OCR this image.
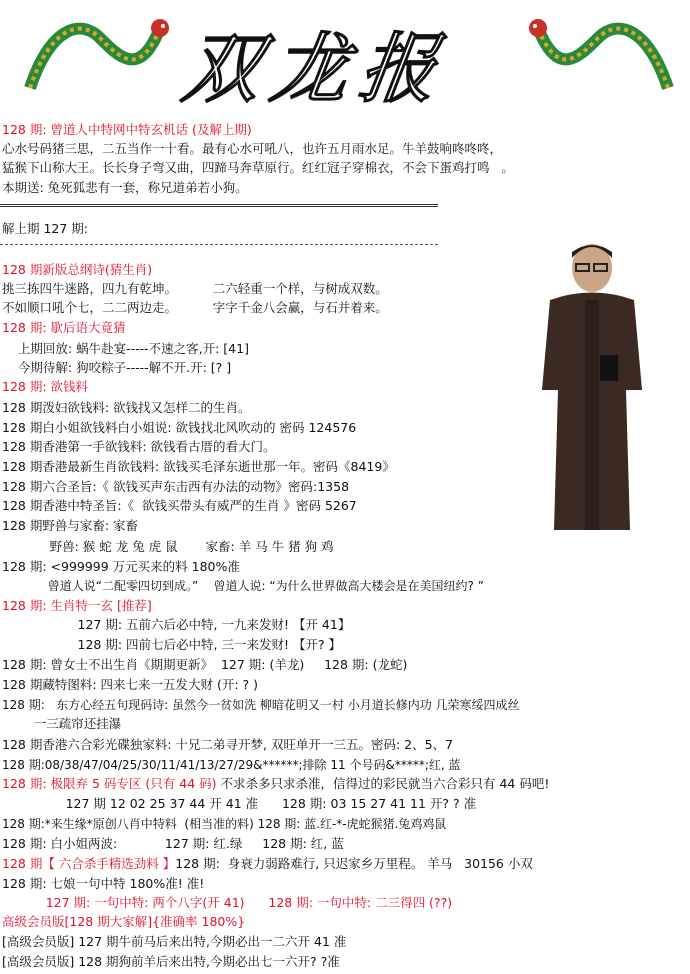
双龙报
128 期: 曾道人中特网中特玄机话 (及解上期)
心水号码猪三思，二五当作一十看。最有心水可吼八，也许五月雨水足。牛羊鼓响咚咚咚，
猛猴下山称大王。长长身子弯又曲，四蹄马奔草原行。红红冠子穿棉衣，不会下蛋鸡打鸣   。
本期送: 兔死狐悲有一套，称兄道弟若小狗。
解上期 127 期:
128 期新版总纲诗(猜生肖)
挑三拣四牛迷路，四九有乾坤。         二六轻重一个样，与树成双数。
不如顺口吼个七，二二两边走。         字字千金八会赢，与石并着来。
128 期: 歇后语大竟猜
上期回放: 蜗牛赴宴-----不速之客,开: [41]
今期待解: 狗咬粽子-----解不开.开: [? ]
128 期: 欲钱料
128 期泼妇欲钱料: 欲钱找又怎样二的生肖。
128 期白小姐欲钱料白小姐说: 欲钱找北风吹动的 密码 124576
128 期香港第一手欲钱料: 欲钱看古厝的看大门。
128 期香港最新生肖欲钱料: 欲钱买毛泽东逝世那一年。密码《8419》
128 期六合圣旨:《 欲钱买声东击西有办法的动物》密码:1358
128 期香港中特圣旨:《  欲钱买带头有威严的生肖 》密码 5267
128 期野兽与家畜: 家畜
野兽: 猴 蛇 龙 兔 虎 鼠       家畜: 羊 马 牛 猪 狗 鸡
128 期: <999999 万元买来的料 180%准
曾道人说“二配零四切到成。”    曾道人说: “为什么世界做高大楼会是在美国纽约? ”
128 期: 生肖特一玄 [推荐]
127 期: 五前六后必中特, 一九来发财! 【开 41】
128 期: 四前七后必中特, 三一来发财! 【开? 】
128 期: 曾女士不出生肖《期期更新》  127 期: (羊龙)     128 期: (龙蛇)
128 期藏特图料: 四来七来一五发大财 (开: ? )
128 期:   东方心经五句现码诗: 虽然今一贫如洗 柳暗花明又一村 小月道长修内功 几荣寒绥四成丝
一三疏帘还挂瀑
128 期香港六合彩光碟独家料: 十兄二弟寻开梦, 双旺单开一三五。密码: 2、5、7
128 期:08/38/47/04/25/30/11/41/13/27/29&******;排除 11 个号码&*****;红, 蓝
128 期: 极限弃 5 码专区 (只有 44 码) 不求杀多只求杀准，信得过的彩民就当六合彩只有 44 码吧!
127 期 12 02 25 37 44 开 41 准      128 期: 03 15 27 41 11 开? ? 准
128 期:*来生缘*原创八肖中特料  (相当准的料) 128 期: 蓝.红-*-虎蛇猴猪.兔鸡鸡鼠
128 期: 白小姐两波:            127 期: 红.绿     128 期: 红, 蓝
128 期【 六合杀手精选劲料 】128 期:  身衰力弱路难行, 只迟家乡万里程。 羊马   30156 小双
128 期: 七娘一句中特 180%准! 准!
127 期: 一句中特: 两个八字(开 41)      128 期: 一句中特: 二三得四 (??)
高级会员版[128 期大家解]{准确率 180%}
[高级会员版] 127 期牛前马后来出特,今期必出一二六开 41 准
[高级会员版] 128 期狗前羊后来出特,今期必出七一六开? ?准
